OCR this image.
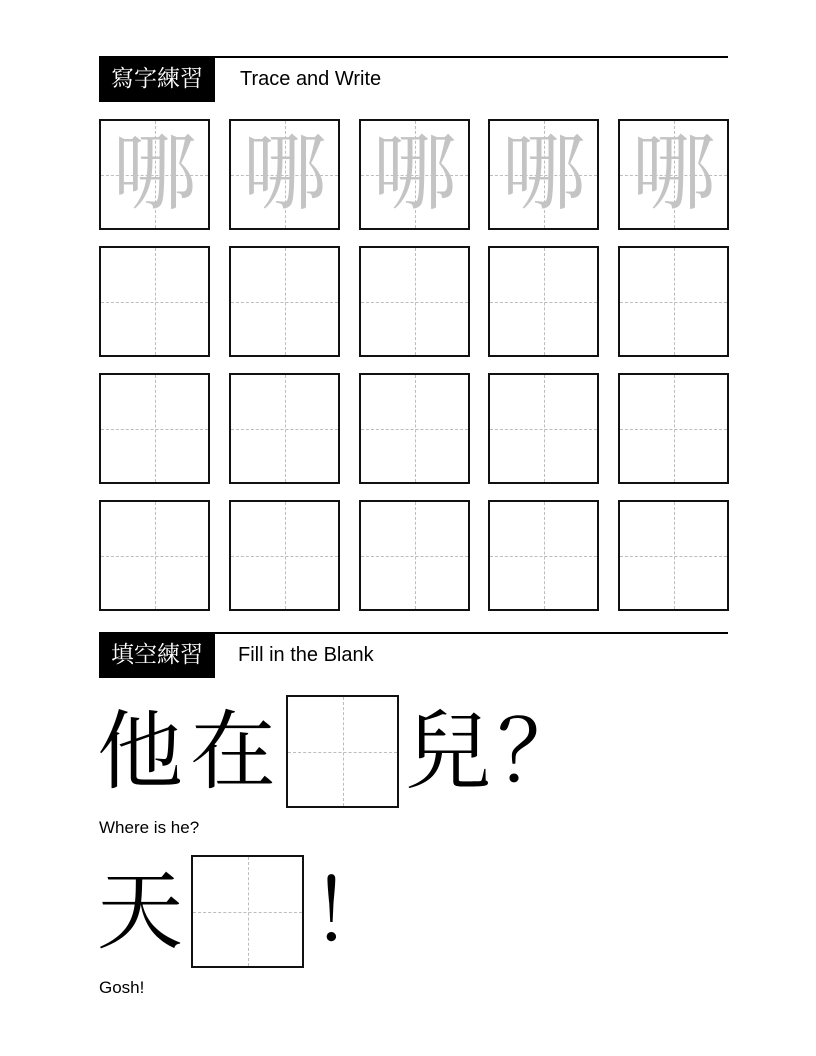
寫字練習	Trace and Write
哪 哪 哪 哪 哪
填空練習	Fill in the Blank
他 在 兒 ？
Where is he?
天 ！
Gosh!
